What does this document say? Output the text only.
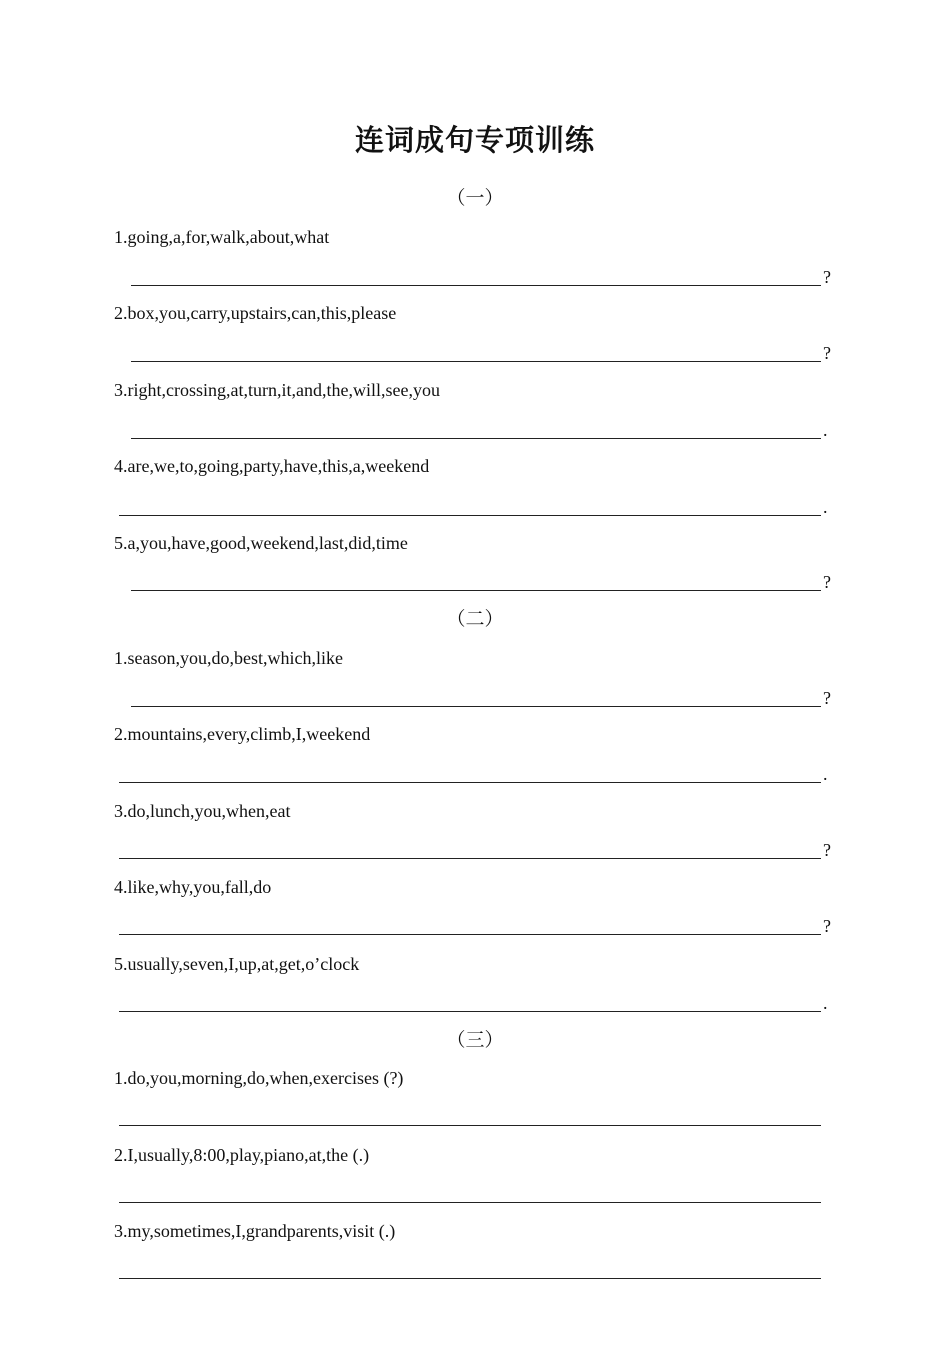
连词成句专项训练
（一）
1.going,a,for,walk,about,what
?
2.box,you,carry,upstairs,can,this,please
?
3.right,crossing,at,turn,it,and,the,will,see,you
.
4.are,we,to,going,party,have,this,a,weekend
.
5.a,you,have,good,weekend,last,did,time
?
（二）
1.season,you,do,best,which,like
?
2.mountains,every,climb,I,weekend
.
3.do,lunch,you,when,eat
?
4.like,why,you,fall,do
?
5.usually,seven,I,up,at,get,o’clock
.
（三）
1.do,you,morning,do,when,exercises (?)
2.I,usually,8:00,play,piano,at,the (.)
3.my,sometimes,I,grandparents,visit (.)
